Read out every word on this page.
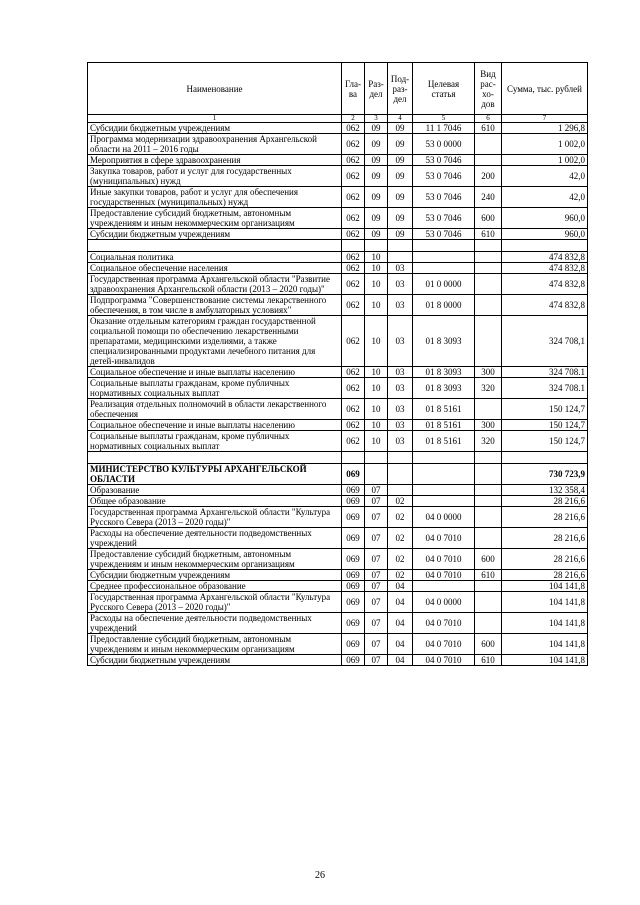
Наименование	Гла-ва	Раз-дел	Под-раз-дел	Целевая статья	Вид рас-хо-дов	Сумма, тыс. рублей
1	2	3	4	5	6	7
Субсидии бюджетным учреждениям	062	09	09	11 1 7046	610	1 296,8
Программа модернизации здравоохранения Архангельской области на 2011 – 2016 годы	062	09	09	53 0 0000		1 002,0
Мероприятия в сфере здравоохранения	062	09	09	53 0 7046		1 002,0
Закупка товаров, работ и услуг для государственных (муниципальных) нужд	062	09	09	53 0 7046	200	42,0
Иные закупки товаров, работ и услуг для обеспечения государственных (муниципальных) нужд	062	09	09	53 0 7046	240	42,0
Предоставление субсидий бюджетным, автономным учреждениям и иным некоммерческим организациям	062	09	09	53 0 7046	600	960,0
Субсидии бюджетным учреждениям	062	09	09	53 0 7046	610	960,0

Социальная политика	062	10				474 832,8
Социальное обеспечение населения	062	10	03			474 832,8
Государственная программа Архангельской области "Развитие здравоохранения Архангельской области (2013 – 2020 годы)"	062	10	03	01 0 0000		474 832,8
Подпрограмма "Совершенствование системы лекарственного обеспечения, в том числе в амбулаторных условиях"	062	10	03	01 8 0000		474 832,8
Оказание отдельным категориям граждан государственной социальной помощи по обеспечению лекарственными препаратами, медицинскими изделиями, а также специализированными продуктами лечебного питания для детей-инвалидов	062	10	03	01 8 3093		324 708,1
Социальное обеспечение и иные выплаты населению	062	10	03	01 8 3093	300	324 708.1
Социальные выплаты гражданам, кроме публичных нормативных социальных выплат	062	10	03	01 8 3093	320	324 708.1
Реализация отдельных полномочий в области лекарственного обеспечения	062	10	03	01 8 5161		150 124,7
Социальное обеспечение и иные выплаты населению	062	10	03	01 8 5161	300	150 124,7
Социальные выплаты гражданам, кроме публичных нормативных социальных выплат	062	10	03	01 8 5161	320	150 124,7

МИНИСТЕРСТВО КУЛЬТУРЫ АРХАНГЕЛЬСКОЙ ОБЛАСТИ	069					730 723,9
Образование	069	07				132 358,4
Общее образование	069	07	02			28 216,6
Государственная программа Архангельской области "Культура Русского Севера (2013 – 2020 годы)"	069	07	02	04 0 0000		28 216,6
Расходы на обеспечение деятельности подведомственных учреждений	069	07	02	04 0 7010		28 216,6
Предоставление субсидий бюджетным, автономным учреждениям и иным некоммерческим организациям	069	07	02	04 0 7010	600	28 216,6
Субсидии бюджетным учреждениям	069	07	02	04 0 7010	610	28 216,6
Среднее профессиональное образование	069	07	04			104 141,8
Государственная программа Архангельской области "Культура Русского Севера (2013 – 2020 годы)"	069	07	04	04 0 0000		104 141,8
Расходы на обеспечение деятельности подведомственных учреждений	069	07	04	04 0 7010		104 141,8
Предоставление субсидий бюджетным, автономным учреждениям и иным некоммерческим организациям	069	07	04	04 0 7010	600	104 141,8
Субсидии бюджетным учреждениям	069	07	04	04 0 7010	610	104 141,8
26
